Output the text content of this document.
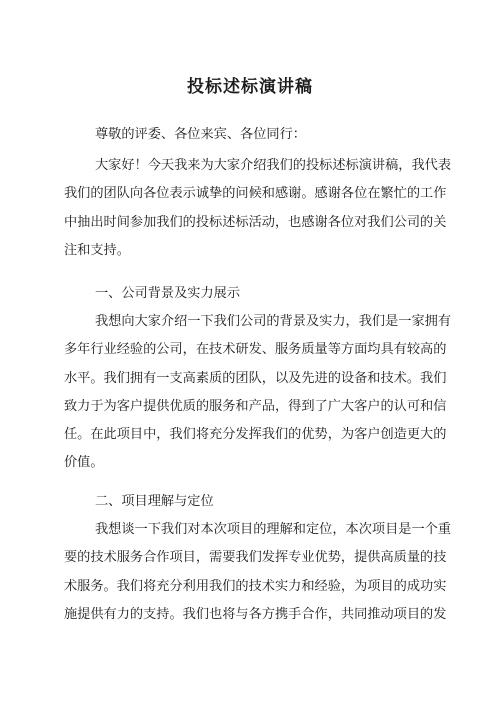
投标述标演讲稿
尊敬的评委、各位来宾、各位同行：
大家好！今天我来为大家介绍我们的投标述标演讲稿，我代表
我们的团队向各位表示诚挚的问候和感谢。感谢各位在繁忙的工作
中抽出时间参加我们的投标述标活动，也感谢各位对我们公司的关
注和支持。
一、公司背景及实力展示
我想向大家介绍一下我们公司的背景及实力，我们是一家拥有
多年行业经验的公司，在技术研发、服务质量等方面均具有较高的
水平。我们拥有一支高素质的团队，以及先进的设备和技术。我们
致力于为客户提供优质的服务和产品，得到了广大客户的认可和信
任。在此项目中，我们将充分发挥我们的优势，为客户创造更大的
价值。
二、项目理解与定位
我想谈一下我们对本次项目的理解和定位，本次项目是一个重
要的技术服务合作项目，需要我们发挥专业优势，提供高质量的技
术服务。我们将充分利用我们的技术实力和经验，为项目的成功实
施提供有力的支持。我们也将与各方携手合作，共同推动项目的发
